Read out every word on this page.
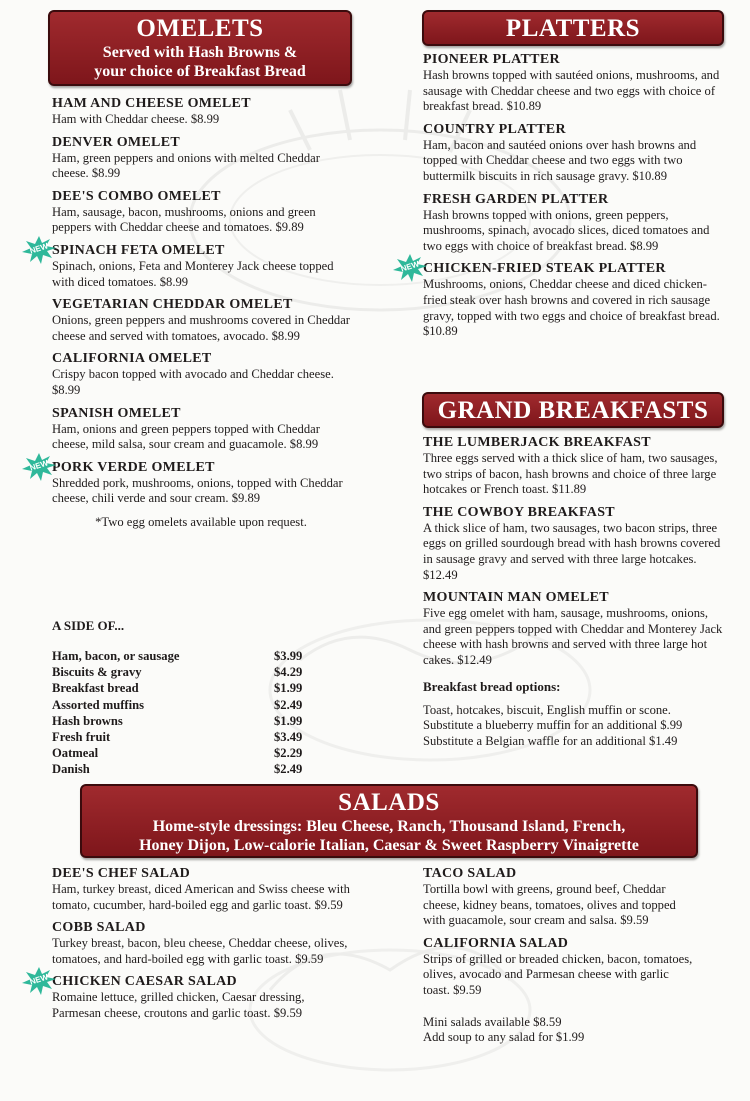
OMELETS
Served with Hash Browns &
your choice of Breakfast Bread
HAM AND CHEESE OMELET
Ham with Cheddar cheese. $8.99
DENVER OMELET
Ham, green peppers and onions with melted Cheddar cheese. $8.99
DEE'S COMBO OMELET
Ham, sausage, bacon, mushrooms, onions and green peppers with Cheddar cheese and tomatoes. $9.89
NEW SPINACH FETA OMELET
Spinach, onions, Feta and Monterey Jack cheese topped with diced tomatoes. $8.99
VEGETARIAN CHEDDAR OMELET
Onions, green peppers and mushrooms covered in Cheddar cheese and served with tomatoes, avocado. $8.99
CALIFORNIA OMELET
Crispy bacon topped with avocado and Cheddar cheese. $8.99
SPANISH OMELET
Ham, onions and green peppers topped with Cheddar cheese, mild salsa, sour cream and guacamole. $8.99
NEW PORK VERDE OMELET
Shredded pork, mushrooms, onions, topped with Cheddar cheese, chili verde and sour cream. $9.89
*Two egg omelets available upon request.
A SIDE OF...
Ham, bacon, or sausage	$3.99
Biscuits & gravy	$4.29
Breakfast bread	$1.99
Assorted muffins	$2.49
Hash browns	$1.99
Fresh fruit	$3.49
Oatmeal	$2.29
Danish	$2.49
PLATTERS
PIONEER PLATTER
Hash browns topped with sautéed onions, mushrooms, and sausage with Cheddar cheese and two eggs with choice of breakfast bread. $10.89
COUNTRY PLATTER
Ham, bacon and sautéed onions over hash browns and topped with Cheddar cheese and two eggs with two buttermilk biscuits in rich sausage gravy. $10.89
FRESH GARDEN PLATTER
Hash browns topped with onions, green peppers, mushrooms, spinach, avocado slices, diced tomatoes and two eggs with choice of breakfast bread. $8.99
NEW CHICKEN-FRIED STEAK PLATTER
Mushrooms, onions, Cheddar cheese and diced chicken-fried steak over hash browns and covered in rich sausage gravy, topped with two eggs and choice of breakfast bread. $10.89
GRAND BREAKFASTS
THE LUMBERJACK BREAKFAST
Three eggs served with a thick slice of ham, two sausages, two strips of bacon, hash browns and choice of three large hotcakes or French toast. $11.89
THE COWBOY BREAKFAST
A thick slice of ham, two sausages, two bacon strips, three eggs on grilled sourdough bread with hash browns covered in sausage gravy and served with three large hotcakes. $12.49
MOUNTAIN MAN OMELET
Five egg omelet with ham, sausage, mushrooms, onions, and green peppers topped with Cheddar and Monterey Jack cheese with hash browns and served with three large hot cakes. $12.49
Breakfast bread options:
Toast, hotcakes, biscuit, English muffin or scone.
Substitute a blueberry muffin for an additional $.99
Substitute a Belgian waffle for an additional $1.49
SALADS
Home-style dressings: Bleu Cheese, Ranch, Thousand Island, French,
Honey Dijon, Low-calorie Italian, Caesar & Sweet Raspberry Vinaigrette
DEE'S CHEF SALAD
Ham, turkey breast, diced American and Swiss cheese with tomato, cucumber, hard-boiled egg and garlic toast. $9.59
COBB SALAD
Turkey breast, bacon, bleu cheese, Cheddar cheese, olives, tomatoes, and hard-boiled egg with garlic toast. $9.59
NEW CHICKEN CAESAR SALAD
Romaine lettuce, grilled chicken, Caesar dressing, Parmesan cheese, croutons and garlic toast. $9.59
TACO SALAD
Tortilla bowl with greens, ground beef, Cheddar cheese, kidney beans, tomatoes, olives and topped with guacamole, sour cream and salsa. $9.59
CALIFORNIA SALAD
Strips of grilled or breaded chicken, bacon, tomatoes, olives, avocado and Parmesan cheese with garlic toast. $9.59
Mini salads available $8.59
Add soup to any salad for $1.99
